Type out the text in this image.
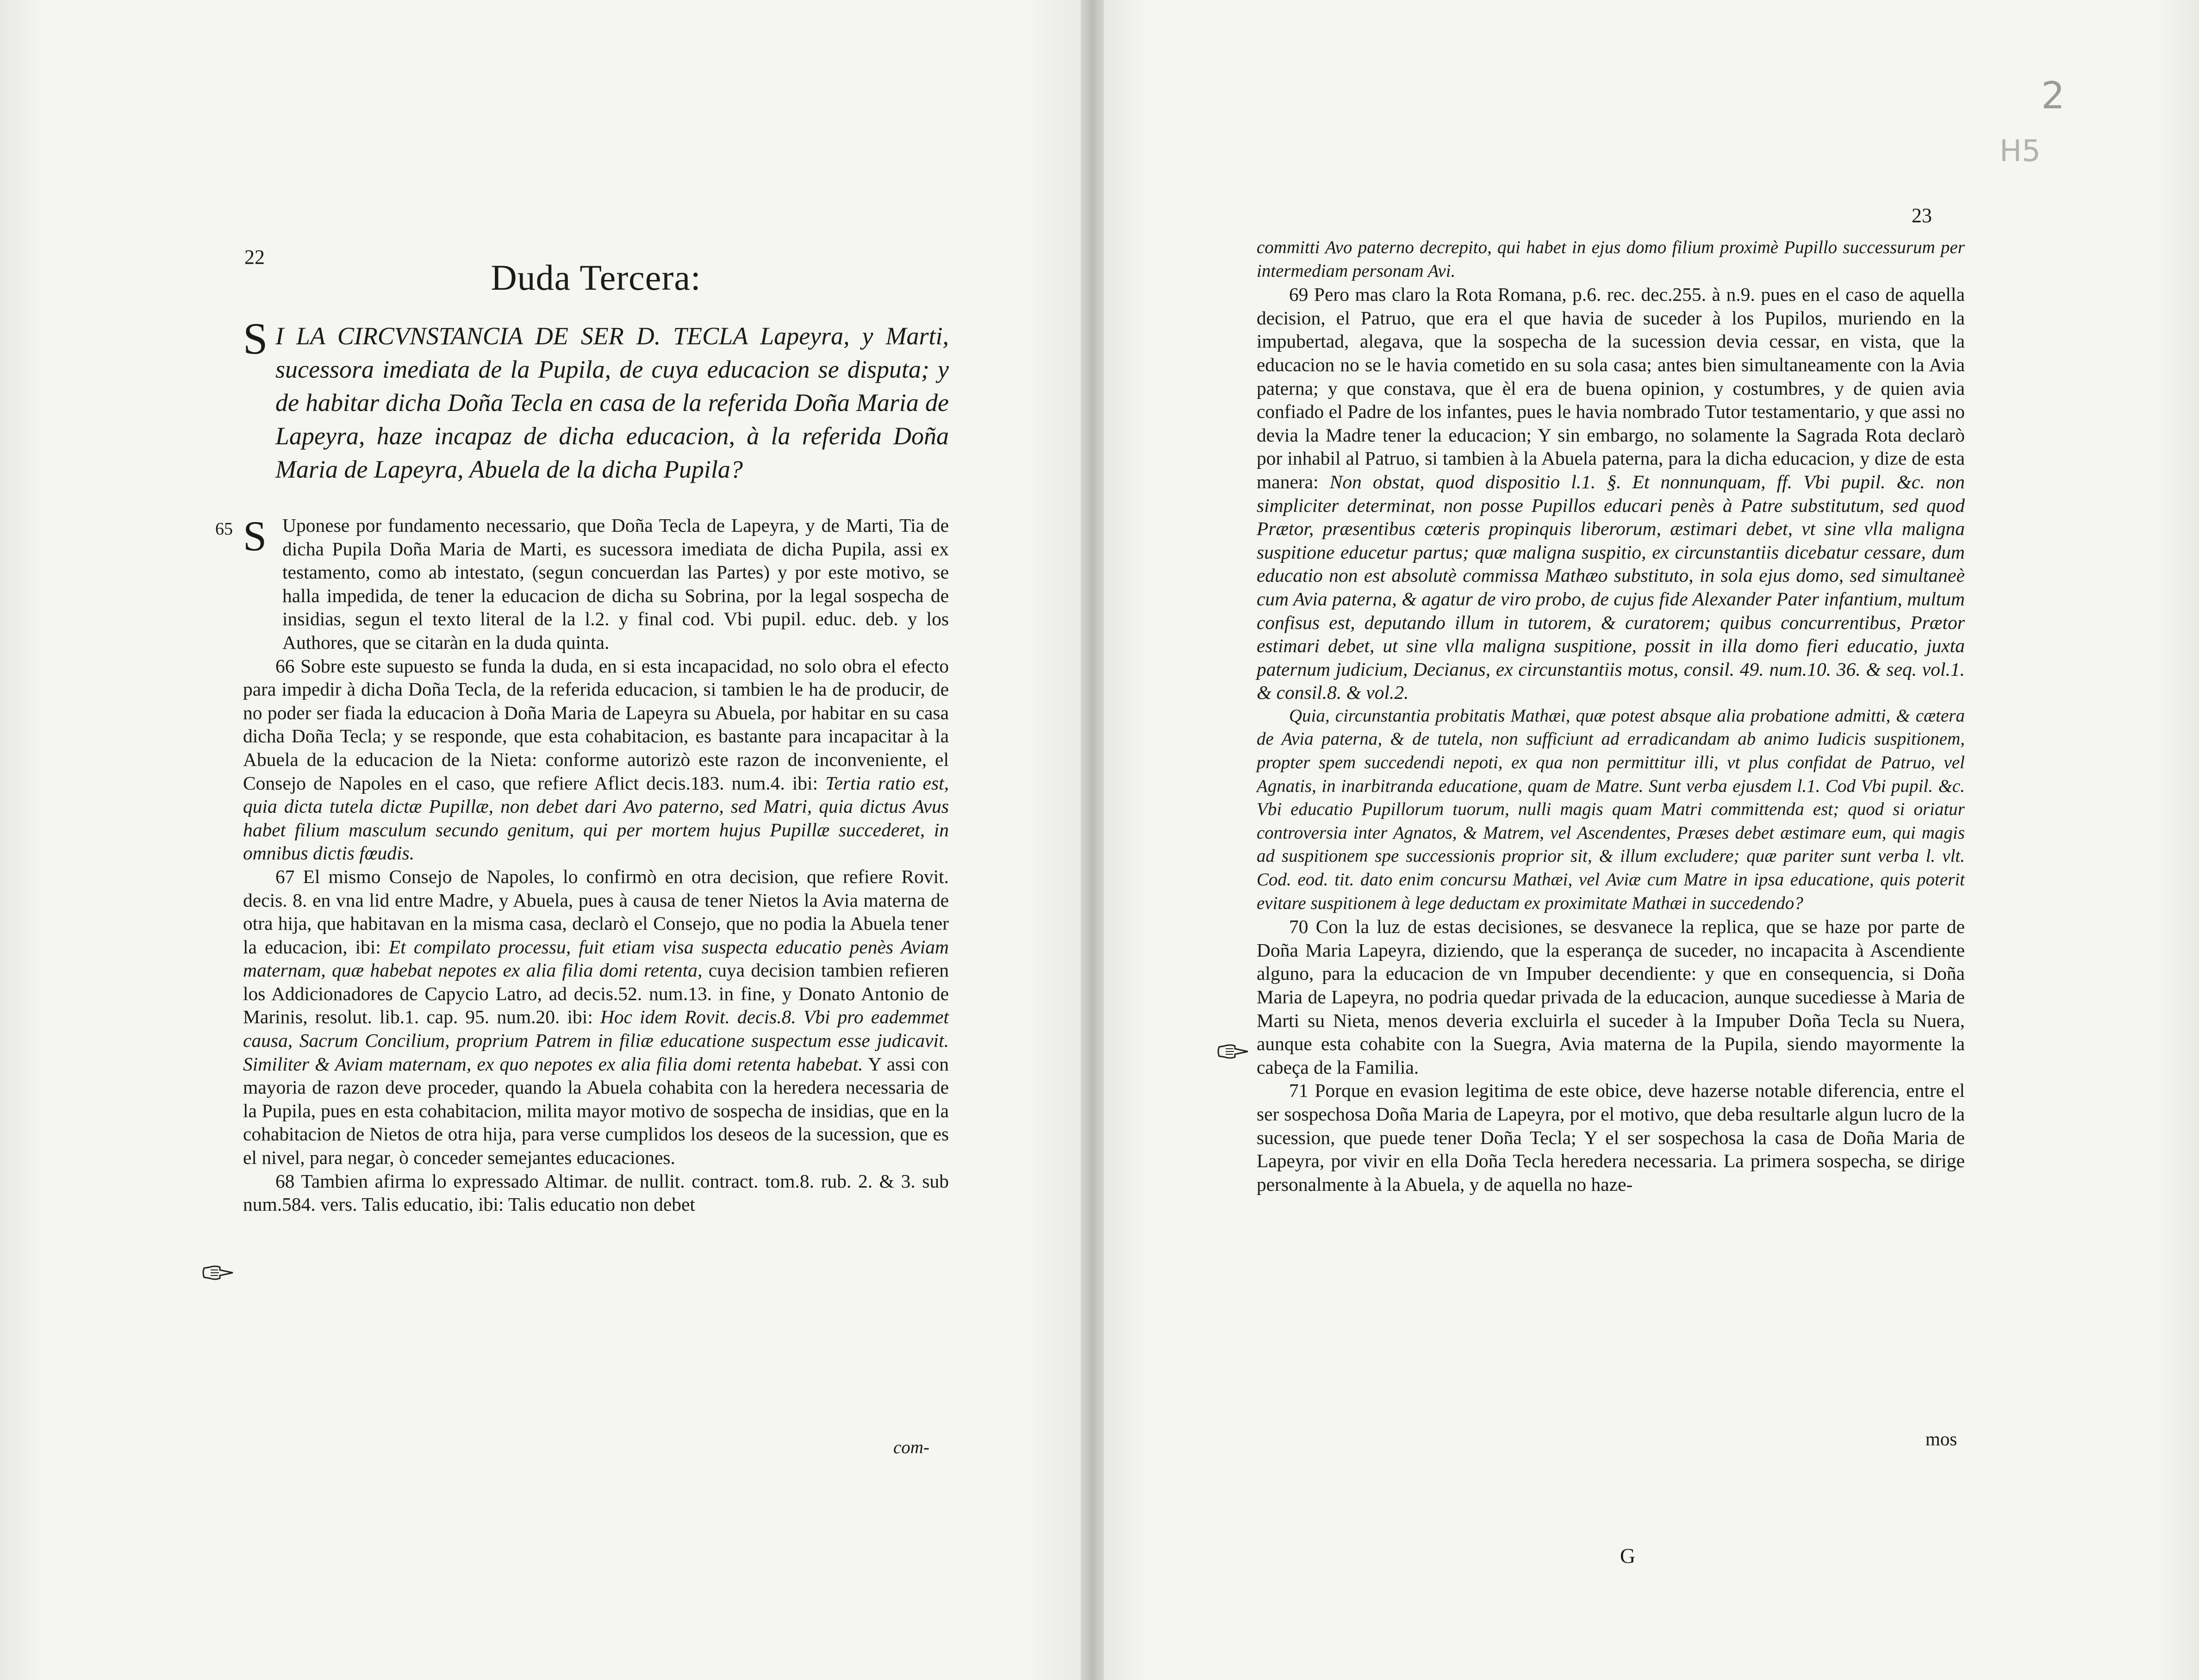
2
H5
22
23
Duda Tercera:
S I LA CIRCVNSTANCIA DE SER D. TECLA Lapeyra, y Marti, sucessora imediata de la Pupila, de cuya educacion se disputa; y de habitar dicha Doña Tecla en casa de la referida Doña Maria de Lapeyra, haze incapaz de dicha educacion, à la referida Doña Maria de Lapeyra, Abuela de la dicha Pupila?

65 S Uponese por fundamento necessario, que Doña Tecla de Lapeyra, y de Marti, Tia de dicha Pupila Doña Maria de Marti, es sucessora imediata de dicha Pupila, assi ex testamento, como ab intestato, (segun concuerdan las Partes) y por este motivo, se halla impedida, de tener la educacion de dicha su Sobrina, por la legal sospecha de insidias, segun el texto literal de la l.2. y final cod. Vbi pupil. educ. deb. y los Authores, que se citaràn en la duda quinta.

66 Sobre este supuesto se funda la duda, en si esta incapacidad, no solo obra el efecto para impedir à dicha Doña Tecla, de la referida educacion, si tambien le ha de producir, de no poder ser fiada la educacion à Doña Maria de Lapeyra su Abuela, por habitar en su casa dicha Doña Tecla; y se responde, que esta cohabitacion, es bastante para incapacitar à la Abuela de la educacion de la Nieta: conforme autorizò este razon de inconveniente, el Consejo de Napoles en el caso, que refiere Aflict decis.183. num.4. ibi: Tertia ratio est, quia dicta tutela dictæ Pupillæ, non debet dari Avo paterno, sed Matri, quia dictus Avus habet filium masculum secundo genitum, qui per mortem hujus Pupillæ succederet, in omnibus dictis fœudis.

67 El mismo Consejo de Napoles, lo confirmò en otra decision, que refiere Rovit. decis. 8. en vna lid entre Madre, y Abuela, pues à causa de tener Nietos la Avia materna de otra hija, que habitavan en la misma casa, declarò el Consejo, que no podia la Abuela tener la educacion, ibi: Et compilato processu, fuit etiam visa suspecta educatio penès Aviam maternam, quæ habebat nepotes ex alia filia domi retenta, cuya decision tambien refieren los Addicionadores de Capycio Latro, ad decis.52. num.13. in fine, y Donato Antonio de Marinis, resolut. lib.1. cap. 95. num.20. ibi: Hoc idem Rovit. decis.8. Vbi pro eademmet causa, Sacrum Concilium, proprium Patrem in filiæ educatione suspectum esse judicavit. Similiter & Aviam maternam, ex quo nepotes ex alia filia domi retenta habebat. Y assi con mayoria de razon deve proceder, quando la Abuela cohabita con la heredera necessaria de la Pupila, pues en esta cohabitacion, milita mayor motivo de sospecha de insidias, que en la cohabitacion de Nietos de otra hija, para verse cumplidos los deseos de la sucession, que es el nivel, para negar, ò conceder semejantes educaciones.

68 Tambien afirma lo expressado Altimar. de nullit. contract. tom.8. rub. 2. & 3. sub num.584. vers. Talis educatio, ibi: Talis educatio non debet

com-

committi Avo paterno decrepito, qui habet in ejus domo filium proximè Pupillo successurum per intermediam personam Avi.

69 Pero mas claro la Rota Romana, p.6. rec. dec.255. à n.9. pues en el caso de aquella decision, el Patruo, que era el que havia de suceder à los Pupilos, muriendo en la impubertad, alegava, que la sospecha de la sucession devia cessar, en vista, que la educacion no se le havia cometido en su sola casa; antes bien simultaneamente con la Avia paterna; y que constava, que èl era de buena opinion, y costumbres, y de quien avia confiado el Padre de los infantes, pues le havia nombrado Tutor testamentario, y que assi no devia la Madre tener la educacion; Y sin embargo, no solamente la Sagrada Rota declarò por inhabil al Patruo, si tambien à la Abuela paterna, para la dicha educacion, y dize de esta manera: Non obstat, quod dispositio l.1. §. Et nonnunquam, ff. Vbi pupil. &c. non simpliciter determinat, non posse Pupillos educari penès à Patre substitutum, sed quod Prætor, præsentibus cœteris propinquis liberorum, æstimari debet, vt sine vlla maligna suspitione educetur partus; quæ maligna suspitio, ex circunstantiis dicebatur cessare, dum educatio non est absolutè commissa Mathæo substituto, in sola ejus domo, sed simultaneè cum Avia paterna, & agatur de viro probo, de cujus fide Alexander Pater infantium, multum confisus est, deputando illum in tutorem, & curatorem; quibus concurrentibus, Prætor estimari debet, ut sine vlla maligna suspitione, possit in illa domo fieri educatio, juxta paternum judicium, Decianus, ex circunstantiis motus, consil. 49. num.10. 36. & seq. vol.1. & consil.8. & vol.2.

Quia, circunstantia probitatis Mathæi, quæ potest absque alia probatione admitti, & cætera de Avia paterna, & de tutela, non sufficiunt ad erradicandam ab animo Iudicis suspitionem, propter spem succedendi nepoti, ex qua non permittitur illi, vt plus confidat de Patruo, vel Agnatis, in inarbitranda educatione, quam de Matre. Sunt verba ejusdem l.1. Cod Vbi pupil. &c. Vbi educatio Pupillorum tuorum, nulli magis quam Matri committenda est; quod si oriatur controversia inter Agnatos, & Matrem, vel Ascendentes, Præses debet æstimare eum, qui magis ad suspitionem spe successionis proprior sit, & illum excludere; quæ pariter sunt verba l. vlt. Cod. eod. tit. dato enim concursu Mathæi, vel Aviæ cum Matre in ipsa educatione, quis poterit evitare suspitionem à lege deductam ex proximitate Mathæi in succedendo?

70 Con la luz de estas decisiones, se desvanece la replica, que se haze por parte de Doña Maria Lapeyra, diziendo, que la esperança de suceder, no incapacita à Ascendiente alguno, para la educacion de vn Impuber decendiente: y que en consequencia, si Doña Maria de Lapeyra, no podria quedar privada de la educacion, aunque sucediesse à Maria de Marti su Nieta, menos deveria excluirla el suceder à la Impuber Doña Tecla su Nuera, aunque esta cohabite con la Suegra, Avia materna de la Pupila, siendo mayormente la cabeça de la Familia.

71 Porque en evasion legitima de este obice, deve hazerse notable diferencia, entre el ser sospechosa Doña Maria de Lapeyra, por el motivo, que deba resultarle algun lucro de la sucession, que puede tener Doña Tecla; Y el ser sospechosa la casa de Doña Maria de Lapeyra, por vivir en ella Doña Tecla heredera necessaria. La primera sospecha, se dirige personalmente à la Abuela, y de aquella no haze-

mos
G
